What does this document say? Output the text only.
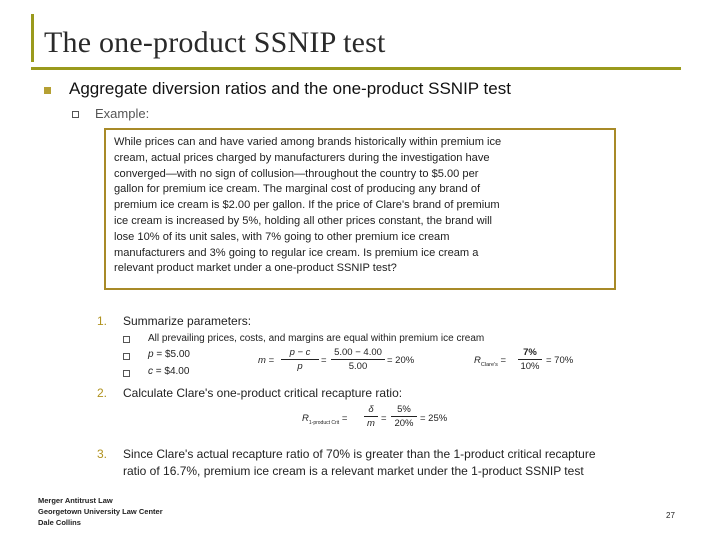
The one-product SSNIP test
Aggregate diversion ratios and the one-product SSNIP test
Example:
While prices can and have varied among brands historically within premium ice
cream, actual prices charged by manufacturers during the investigation have
converged—with no sign of collusion—throughout the country to $5.00 per
gallon for premium ice cream. The marginal cost of producing any brand of
premium ice cream is $2.00 per gallon. If the price of Clare's brand of premium
ice cream is increased by 5%, holding all other prices constant, the brand will
lose 10% of its unit sales, with 7% going to other premium ice cream
manufacturers and 3% going to regular ice cream. Is premium ice cream a
relevant product market under a one-product SSNIP test?
1. Summarize parameters:
All prevailing prices, costs, and margins are equal within premium ice cream
p = $5.00
c = $4.00
m =
p − c
p
=
5.00 − 4.00
5.00
= 20%	$R_{Clare's}$ =
7%
10%
= 70%
2. Calculate Clare's one-product critical recapture ratio:
$R_{1-product Crit}$ =
δ
m =
5%
20% = 25%
3. Since Clare's actual recapture ratio of 70% is greater than the 1-product critical recapture
ratio of 16.7%, premium ice cream is a relevant market under the 1-product SSNIP test
Merger Antitrust Law
Georgetown University Law Center
Dale Collins
27
